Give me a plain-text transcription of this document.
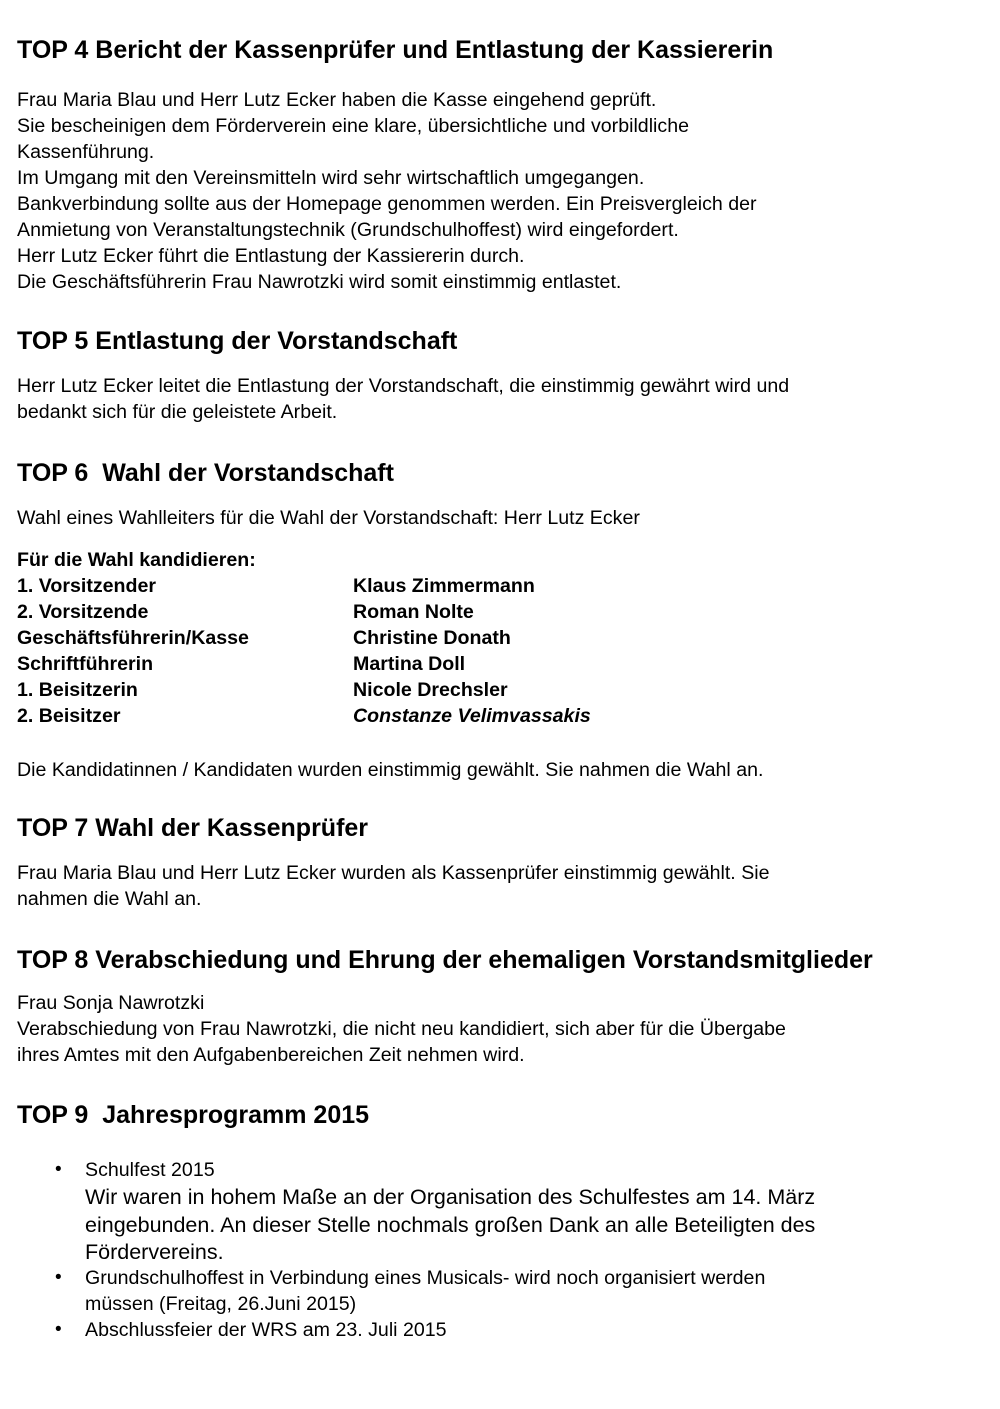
TOP 4 Bericht der Kassenprüfer und Entlastung der Kassiererin
Frau Maria Blau und Herr Lutz Ecker haben die Kasse eingehend geprüft.
Sie bescheinigen dem Förderverein eine klare, übersichtliche und vorbildliche
Kassenführung.
Im Umgang mit den Vereinsmitteln wird sehr wirtschaftlich umgegangen.
Bankverbindung sollte aus der Homepage genommen werden. Ein Preisvergleich der
Anmietung von Veranstaltungstechnik (Grundschulhoffest) wird eingefordert.
Herr Lutz Ecker führt die Entlastung der Kassiererin durch.
Die Geschäftsführerin Frau Nawrotzki wird somit einstimmig entlastet.
TOP 5 Entlastung der Vorstandschaft
Herr Lutz Ecker leitet die Entlastung der Vorstandschaft, die einstimmig gewährt wird und
bedankt sich für die geleistete Arbeit.
TOP 6  Wahl der Vorstandschaft
Wahl eines Wahlleiters für die Wahl der Vorstandschaft: Herr Lutz Ecker
Für die Wahl kandidieren:
1. Vorsitzender	Klaus Zimmermann
2. Vorsitzende	Roman Nolte
Geschäftsführerin/Kasse	Christine Donath
Schriftführerin	Martina Doll
1. Beisitzerin	Nicole Drechsler
2. Beisitzer	Constanze Velimvassakis
Die Kandidatinnen / Kandidaten wurden einstimmig gewählt. Sie nahmen die Wahl an.
TOP 7 Wahl der Kassenprüfer
Frau Maria Blau und Herr Lutz Ecker wurden als Kassenprüfer einstimmig gewählt. Sie
nahmen die Wahl an.
TOP 8 Verabschiedung und Ehrung der ehemaligen Vorstandsmitglieder
Frau Sonja Nawrotzki
Verabschiedung von Frau Nawrotzki, die nicht neu kandidiert, sich aber für die Übergabe
ihres Amtes mit den Aufgabenbereichen Zeit nehmen wird.
TOP 9  Jahresprogramm 2015
• Schulfest 2015
Wir waren in hohem Maße an der Organisation des Schulfestes am 14. März
eingebunden. An dieser Stelle nochmals großen Dank an alle Beteiligten des
Fördervereins.
• Grundschulhoffest in Verbindung eines Musicals- wird noch organisiert werden
müssen (Freitag, 26.Juni 2015)
• Abschlussfeier der WRS am 23. Juli 2015
